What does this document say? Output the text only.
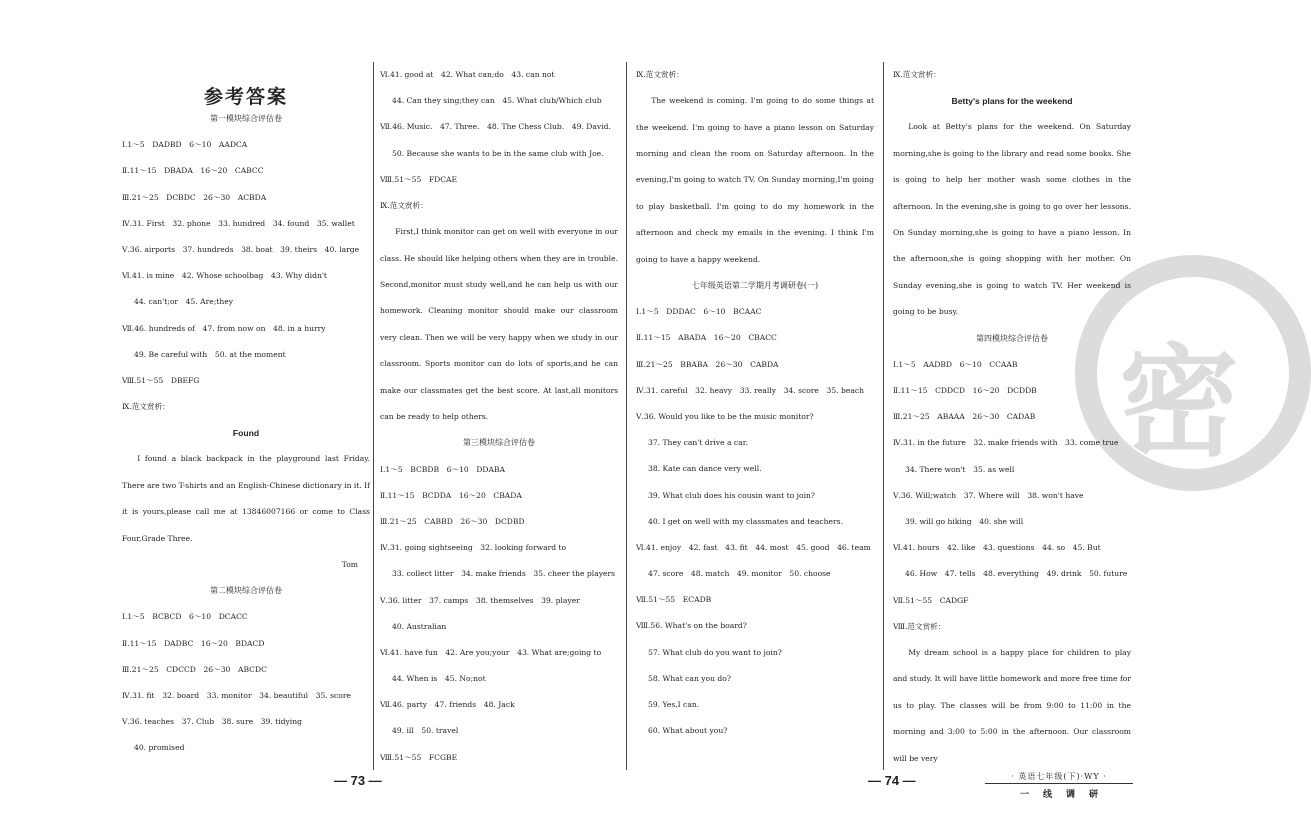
密
参考答案
第一模块综合评估卷
Ⅰ.1～5　DADBD　6～10　AADCA
Ⅱ.11～15　DBADA　16～20　CABCC
Ⅲ.21～25　DCBDC　26～30　ACBDA
Ⅳ.31. First　32. phone　33. hundred　34. found　35. wallet
Ⅴ.36. airports　37. hundreds　38. boat　39. theirs　40. large
Ⅵ.41. is mine　42. Whose schoolbag　43. Why didn't
44. can't;or　45. Are;they
Ⅶ.46. hundreds of　47. from now on　48. in a hurry
49. Be careful with　50. at the moment
Ⅷ.51～55　DBEFG
Ⅸ.范文赏析：
Found
I found a black backpack in the playground last Friday. There are two T-shirts and an English-Chinese dictionary in it. If it is yours,please call me at 13846007166 or come to Class Four,Grade Three.
Tom
第二模块综合评估卷
Ⅰ.1～5　BCBCD　6～10　DCACC
Ⅱ.11～15　DADBC　16～20　BDACD
Ⅲ.21～25　CDCCD　26～30　ABCDC
Ⅳ.31. fit　32. board　33. monitor　34. beautiful　35. score
Ⅴ.36. teaches　37. Club　38. sure　39. tidying
40. promised
Ⅵ.41. good at　42. What can;do　43. can not
44. Can they sing;they can　45. What club/Which club
Ⅶ.46. Music.　47. Three.　48. The Chess Club.　49. David.
50. Because she wants to be in the same club with Joe.
Ⅷ.51～55　FDCAE
Ⅸ.范文赏析：
First,I think monitor can get on well with everyone in our class. He should like helping others when they are in trouble. Second,monitor must study well,and he can help us with our homework. Cleaning monitor should make our classroom very clean. Then we will be very happy when we study in our classroom. Sports monitor can do lots of sports,and he can make our classmates get the best score. At last,all monitors can be ready to help others.
第三模块综合评估卷
Ⅰ.1～5　BCBDB　6～10　DDABA
Ⅱ.11～15　BCDDA　16～20　CBADA
Ⅲ.21～25　CABBD　26～30　DCDBD
Ⅳ.31. going sightseeing　32. looking forward to
33. collect litter　34. make friends　35. cheer the players
Ⅴ.36. litter　37. camps　38. themselves　39. player
40. Australian
Ⅵ.41. have fun　42. Are you;your　43. What are;going to
44. When is　45. No;not
Ⅶ.46. party　47. friends　48. Jack
49. ill　50. travel
Ⅷ.51～55　FCGBE
Ⅸ.范文赏析：
The weekend is coming. I'm going to do some things at the weekend. I'm going to have a piano lesson on Saturday morning and clean the room on Saturday afternoon. In the evening,I'm going to watch TV. On Sunday morning,I'm going to play basketball. I'm going to do my homework in the afternoon and check my emails in the evening. I think I'm going to have a happy weekend.
七年级英语第二学期月考调研卷(一)
Ⅰ.1～5　DDDAC　6～10　BCAAC
Ⅱ.11～15　ABADA　16～20　CBACC
Ⅲ.21～25　BBABA　26～30　CABDA
Ⅳ.31. careful　32. heavy　33. really　34. score　35. beach
Ⅴ.36. Would you like to be the music monitor?
37. They can't drive a car.
38. Kate can dance very well.
39. What club does his cousin want to join?
40. I get on well with my classmates and teachers.
Ⅵ.41. enjoy　42. fast　43. fit　44. most　45. good　46. team
47. score　48. match　49. monitor　50. choose
Ⅶ.51～55　ECADB
Ⅷ.56. What's on the board?
57. What club do you want to join?
58. What can you do?
59. Yes,I can.
60. What about you?
Ⅸ.范文赏析：
Betty's plans for the weekend
Look at Betty's plans for the weekend. On Saturday morning,she is going to the library and read some books. She is going to help her mother wash some clothes in the afternoon. In the evening,she is going to go over her lessons. On Sunday morning,she is going to have a piano lesson. In the afternoon,she is going shopping with her mother. On Sunday evening,she is going to watch TV. Her weekend is going to be busy.
第四模块综合评估卷
Ⅰ.1～5　AADBD　6～10　CCAAB
Ⅱ.11～15　CDDCD　16～20　DCDDB
Ⅲ.21～25　ABAAA　26～30　CADAB
Ⅳ.31. in the future　32. make friends with　33. come true
34. There won't　35. as well
Ⅴ.36. Will;watch　37. Where will　38. won't have
39. will go hiking　40. she will
Ⅵ.41. hours　42. like　43. questions　44. so　45. But
46. How　47. tells　48. everything　49. drink　50. future
Ⅶ.51～55　CADGF
Ⅷ.范文赏析：
My dream school is a happy place for children to play and study. It will have little homework and more free time for us to play. The classes will be from 9:00 to 11:00 in the morning and 3:00 to 5:00 in the afternoon. Our classroom will be very
— 73 —	— 74 —	· 英语七年级(下)·WY ·
一线调研
